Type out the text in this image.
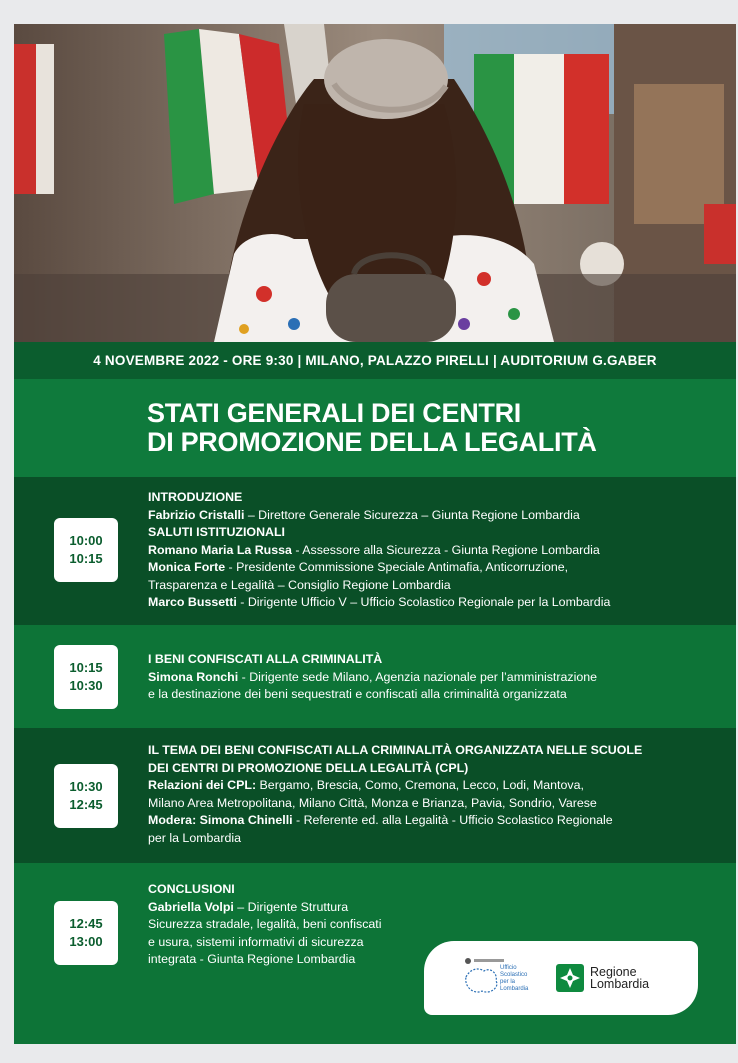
4 NOVEMBRE 2022 - ORE 9:30 | MILANO, PALAZZO PIRELLI | AUDITORIUM G.GABER
STATI GENERALI DEI CENTRI
DI PROMOZIONE DELLA LEGALITÀ
10:00
10:15
INTRODUZIONE
Fabrizio Cristalli – Direttore Generale Sicurezza – Giunta Regione Lombardia
SALUTI ISTITUZIONALI
Romano Maria La Russa - Assessore alla Sicurezza - Giunta Regione Lombardia
Monica Forte - Presidente Commissione Speciale Antimafia, Anticorruzione,
Trasparenza e Legalità – Consiglio Regione Lombardia
Marco Bussetti - Dirigente Ufficio V – Ufficio Scolastico Regionale per la Lombardia
10:15
10:30
I BENI CONFISCATI ALLA CRIMINALITÀ
Simona Ronchi - Dirigente sede Milano, Agenzia nazionale per l’amministrazione
e la destinazione dei beni sequestrati e confiscati alla criminalità organizzata
10:30
12:45
IL TEMA DEI BENI CONFISCATI ALLA CRIMINALITÀ ORGANIZZATA NELLE SCUOLE
DEI CENTRI DI PROMOZIONE DELLA LEGALITÀ (CPL)
Relazioni dei CPL: Bergamo, Brescia, Como, Cremona, Lecco, Lodi, Mantova,
Milano Area Metropolitana, Milano Città, Monza e Brianza, Pavia, Sondrio, Varese
Modera: Simona Chinelli - Referente ed. alla Legalità - Ufficio Scolastico Regionale
per la Lombardia
12:45
13:00
CONCLUSIONI
Gabriella Volpi – Dirigente Struttura
Sicurezza stradale, legalità, beni confiscati
e usura, sistemi informativi di sicurezza
integrata - Giunta Regione Lombardia
Ufficio Scolastico per la Lombardia
Regione
Lombardia
